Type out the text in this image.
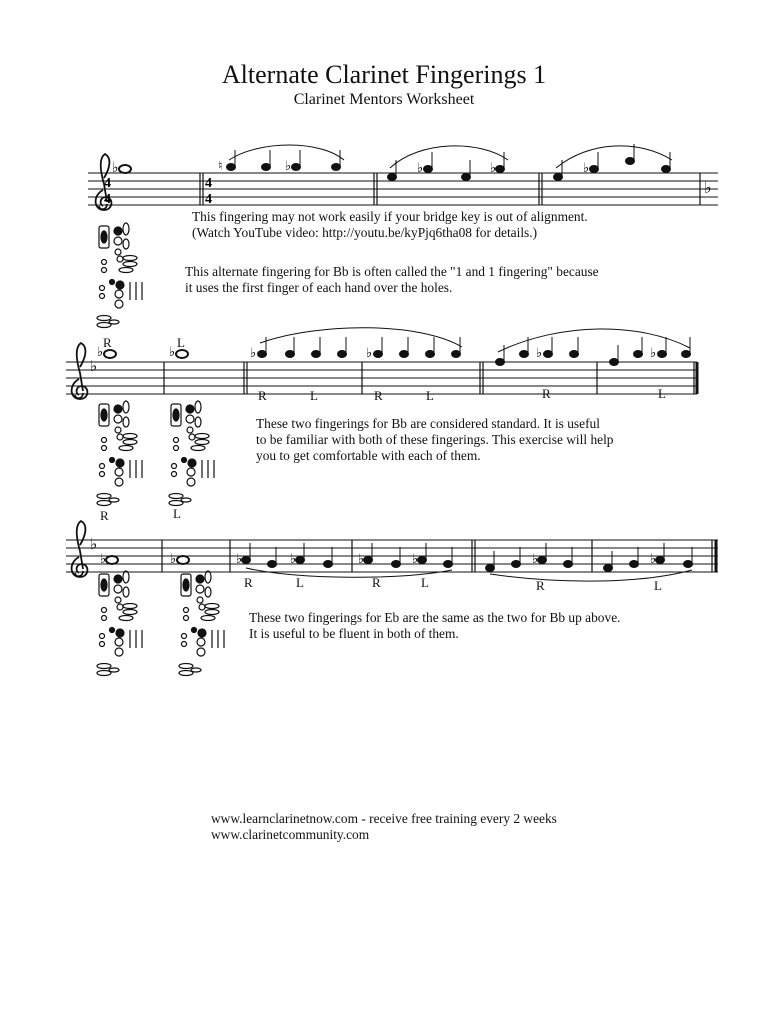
Alternate Clarinet Fingerings 1
Clarinet Mentors Worksheet
4
4
4
4
♭
♭	♮	♭	♭	♭	♭
♭
♭	♭	♭	♭	♭	♭
♭
♭	♭	♭	♭	♭	♭	♭	♭
This fingering may not work easily if your bridge key is out of alignment.
(Watch YouTube video: http://youtu.be/kyPjq6tha08 for details.)
This alternate fingering for Bb is often called the "1 and 1 fingering" because
it uses the first finger of each hand over the holes.
R	L
R	L	R	L	R	L
These two fingerings for Bb are considered standard. It is useful
to be familiar with both of these fingerings. This exercise will help
you to get comfortable with each of them.
R	L
R	L	R	L	R	L
These two fingerings for Eb are the same as the two for Bb up above.
It is useful to be fluent in both of them.
www.learnclarinetnow.com - receive free training every 2 weeks
www.clarinetcommunity.com
